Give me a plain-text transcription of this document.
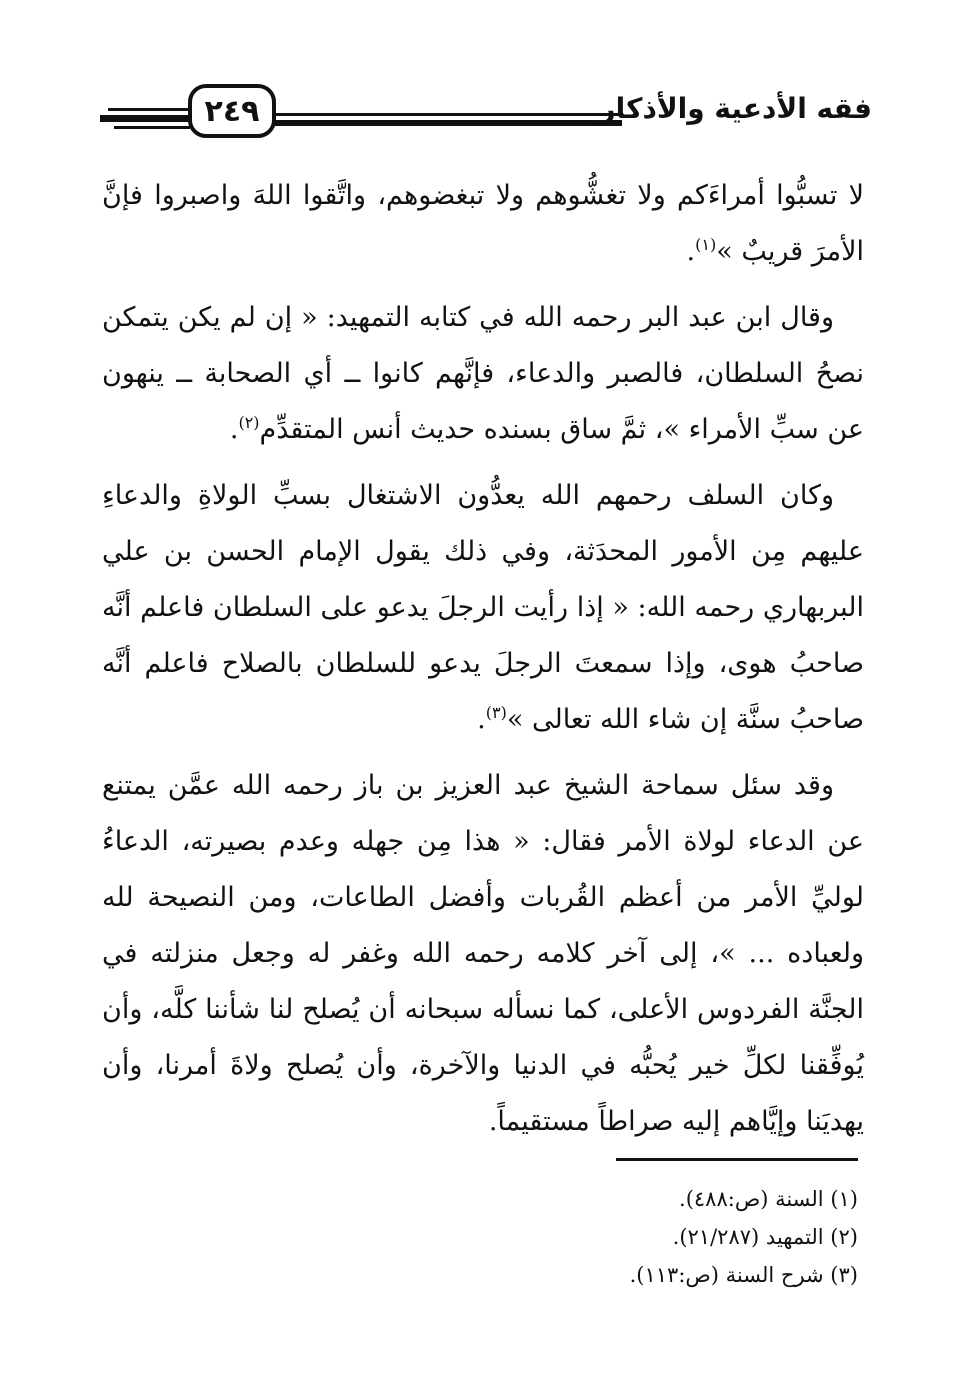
٢٤٩	فقه الأدعية والأذكار

لا تسبُّوا أمراءَكم ولا تغشُّوهم ولا تبغضوهم، واتَّقوا اللهَ واصبروا فإنَّ الأمرَ قريبٌ »$^{(١)}$.

وقال ابن عبد البر رحمه الله في كتابه التمهيد: « إن لم يكن يتمكن نصحُ السلطان، فالصبر والدعاء، فإنَّهم كانوا ــ أي الصحابة ــ ينهون عن سبِّ الأمراء »، ثمَّ ساق بسنده حديث أنس المتقدِّم$^{(٢)}$.

وكان السلف رحمهم الله يعدُّون الاشتغال بسبِّ الولاةِ والدعاءِ عليهم مِن الأمور المحدَثة، وفي ذلك يقول الإمام الحسن بن علي البربهاري رحمه الله: « إذا رأيت الرجلَ يدعو على السلطان فاعلم أنَّه صاحبُ هوى، وإذا سمعتَ الرجلَ يدعو للسلطان بالصلاح فاعلم أنَّه صاحبُ سنَّة إن شاء الله تعالى »$^{(٣)}$.

وقد سئل سماحة الشيخ عبد العزيز بن باز رحمه الله عمَّن يمتنع عن الدعاء لولاة الأمر فقال: « هذا مِن جهله وعدم بصيرته، الدعاءُ لوليِّ الأمر من أعظم القُربات وأفضل الطاعات، ومن النصيحة لله ولعباده ... »، إلى آخر كلامه رحمه الله وغفر له وجعل منزلته في الجنَّة الفردوس الأعلى، كما نسأله سبحانه أن يُصلح لنا شأننا كلَّه، وأن يُوفِّقنا لكلِّ خير يُحبُّه في الدنيا والآخرة، وأن يُصلح ولاةَ أمرنا، وأن يهديَنا وإيَّاهم إليه صراطاً مستقيماً.

(١) السنة (ص:٤٨٨).

(٢) التمهيد (٢١/٢٨٧).

(٣) شرح السنة (ص:١١٣).
